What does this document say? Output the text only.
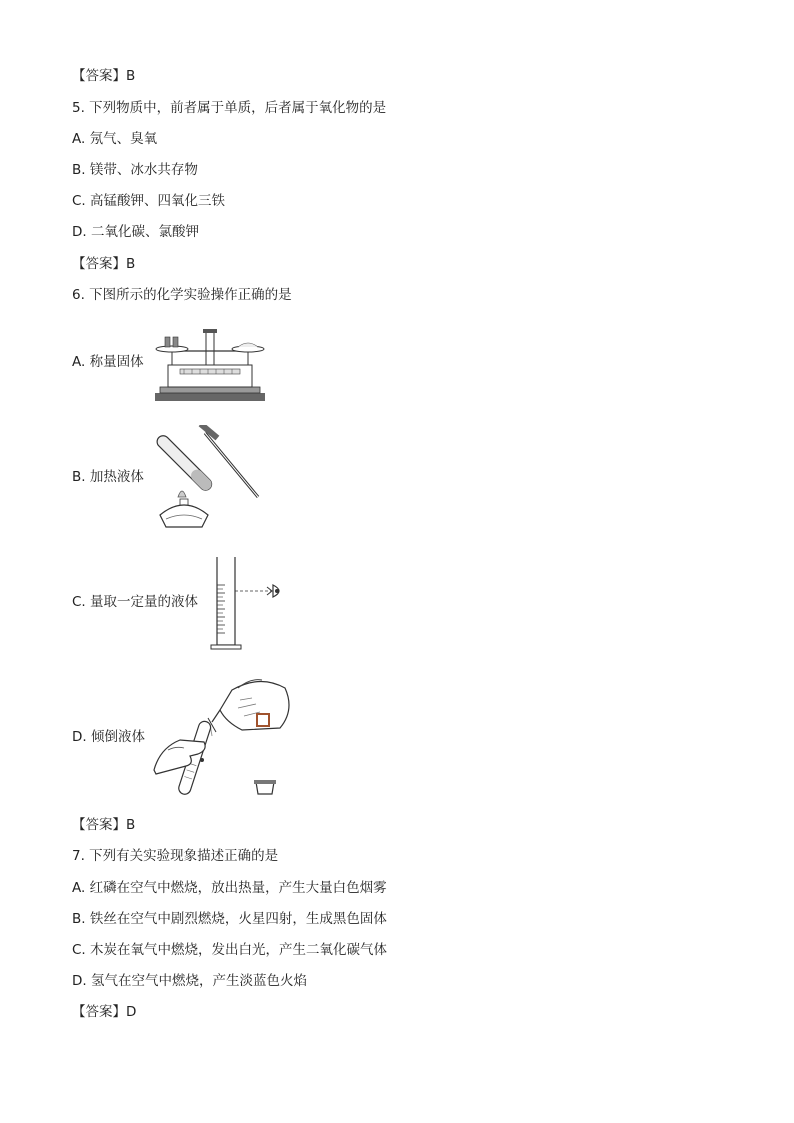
【答案】B
5. 下列物质中，前者属于单质，后者属于氧化物的是
A. 氖气、臭氧
B. 镁带、冰水共存物
C. 高锰酸钾、四氧化三铁
D. 二氧化碳、氯酸钾
【答案】B
6. 下图所示的化学实验操作正确的是
A. 称量固体
B. 加热液体
C. 量取一定量的液体
D. 倾倒液体
【答案】B
7. 下列有关实验现象描述正确的是
A. 红磷在空气中燃烧，放出热量，产生大量白色烟雾
B. 铁丝在空气中剧烈燃烧，火星四射，生成黑色固体
C. 木炭在氧气中燃烧，发出白光，产生二氧化碳气体
D. 氢气在空气中燃烧，产生淡蓝色火焰
【答案】D
